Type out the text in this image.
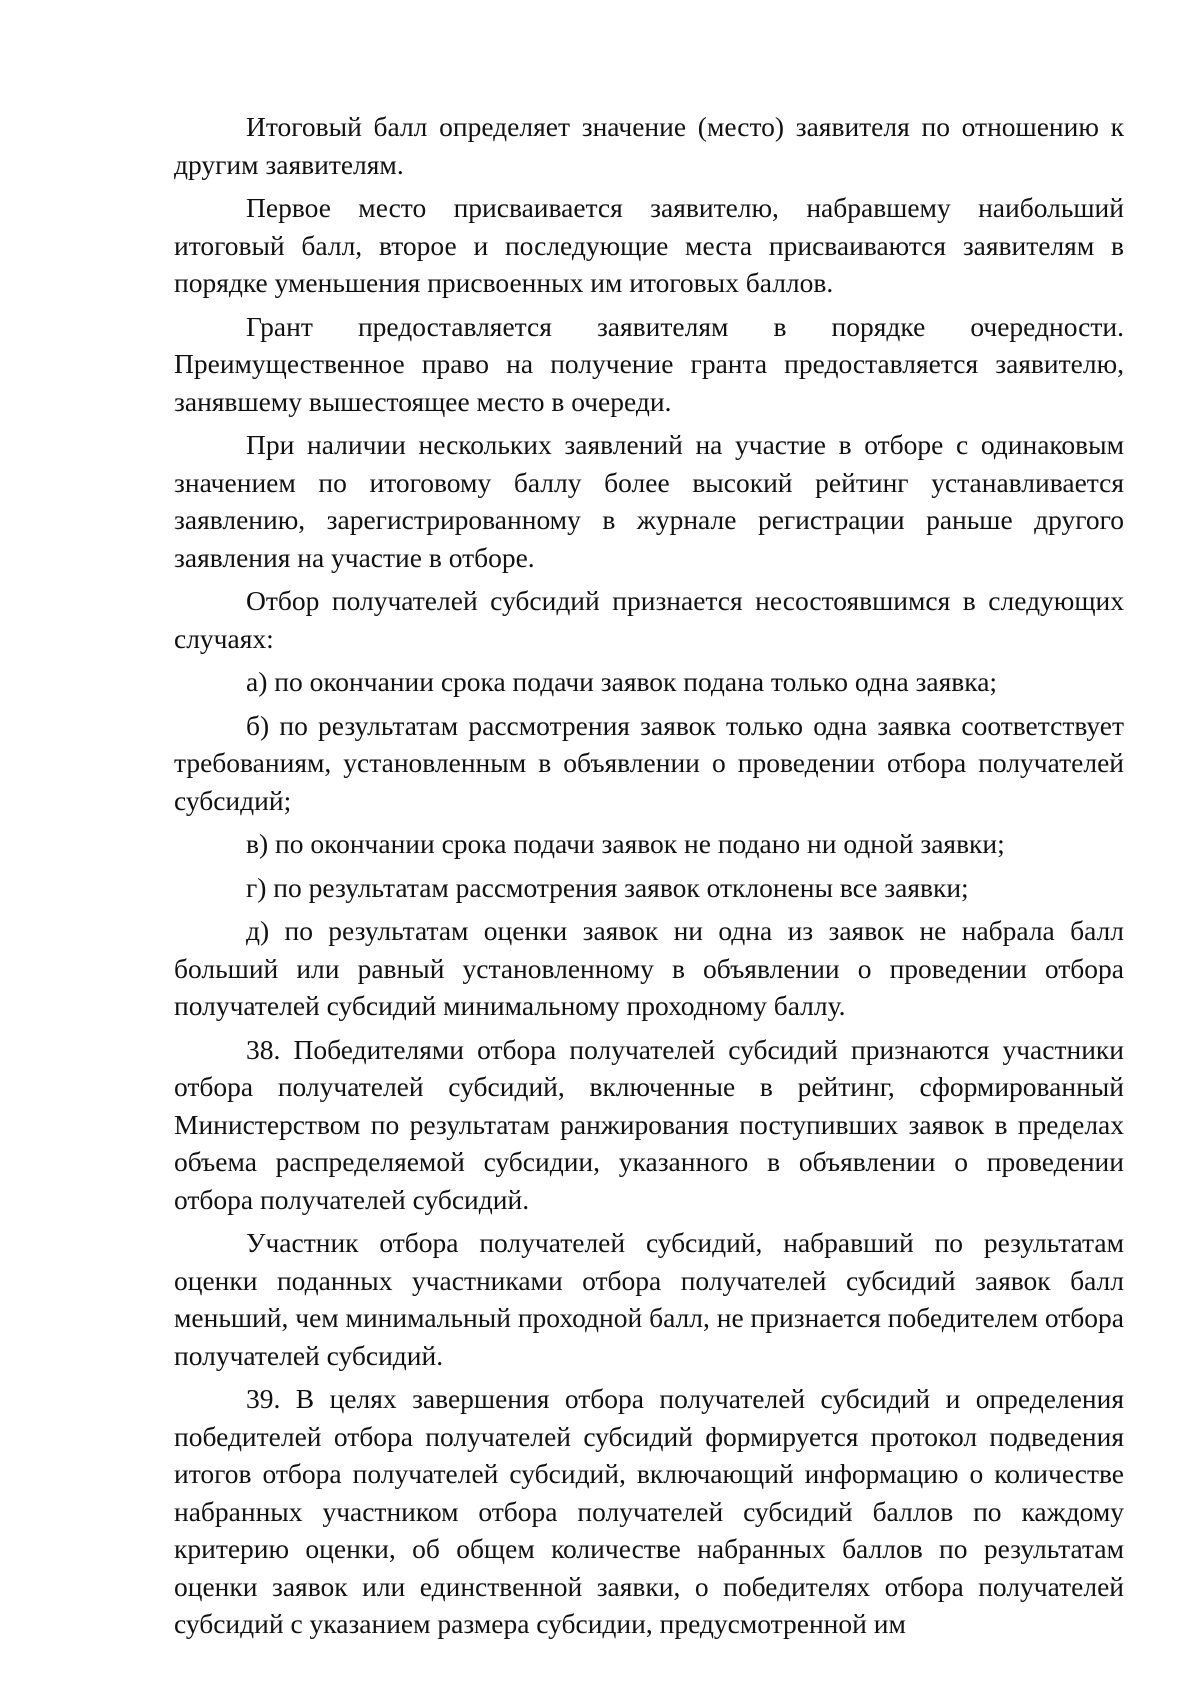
Итоговый балл определяет значение (место) заявителя по отношению к другим заявителям.

Первое место присваивается заявителю, набравшему наибольший итоговый балл, второе и последующие места присваиваются заявителям в порядке уменьшения присвоенных им итоговых баллов.

Грант предоставляется заявителям в порядке очередности. Преимущественное право на получение гранта предоставляется заявителю, занявшему вышестоящее место в очереди.

При наличии нескольких заявлений на участие в отборе с одинаковым значением по итоговому баллу более высокий рейтинг устанавливается заявлению, зарегистрированному в журнале регистрации раньше другого заявления на участие в отборе.

Отбор получателей субсидий признается несостоявшимся в следующих случаях:

а) по окончании срока подачи заявок подана только одна заявка;

б) по результатам рассмотрения заявок только одна заявка соответствует требованиям, установленным в объявлении о проведении отбора получателей субсидий;

в) по окончании срока подачи заявок не подано ни одной заявки;

г) по результатам рассмотрения заявок отклонены все заявки;

д) по результатам оценки заявок ни одна из заявок не набрала балл больший или равный установленному в объявлении о проведении отбора получателей субсидий минимальному проходному баллу.

38. Победителями отбора получателей субсидий признаются участники отбора получателей субсидий, включенные в рейтинг, сформированный Министерством по результатам ранжирования поступивших заявок в пределах объема распределяемой субсидии, указанного в объявлении о проведении отбора получателей субсидий.

Участник отбора получателей субсидий, набравший по результатам оценки поданных участниками отбора получателей субсидий заявок балл меньший, чем минимальный проходной балл, не признается победителем отбора получателей субсидий.

39. В целях завершения отбора получателей субсидий и определения победителей отбора получателей субсидий формируется протокол подведения итогов отбора получателей субсидий, включающий информацию о количестве набранных участником отбора получателей субсидий баллов по каждому критерию оценки, об общем количестве набранных баллов по результатам оценки заявок или единственной заявки, о победителях отбора получателей субсидий с указанием размера субсидии, предусмотренной им
